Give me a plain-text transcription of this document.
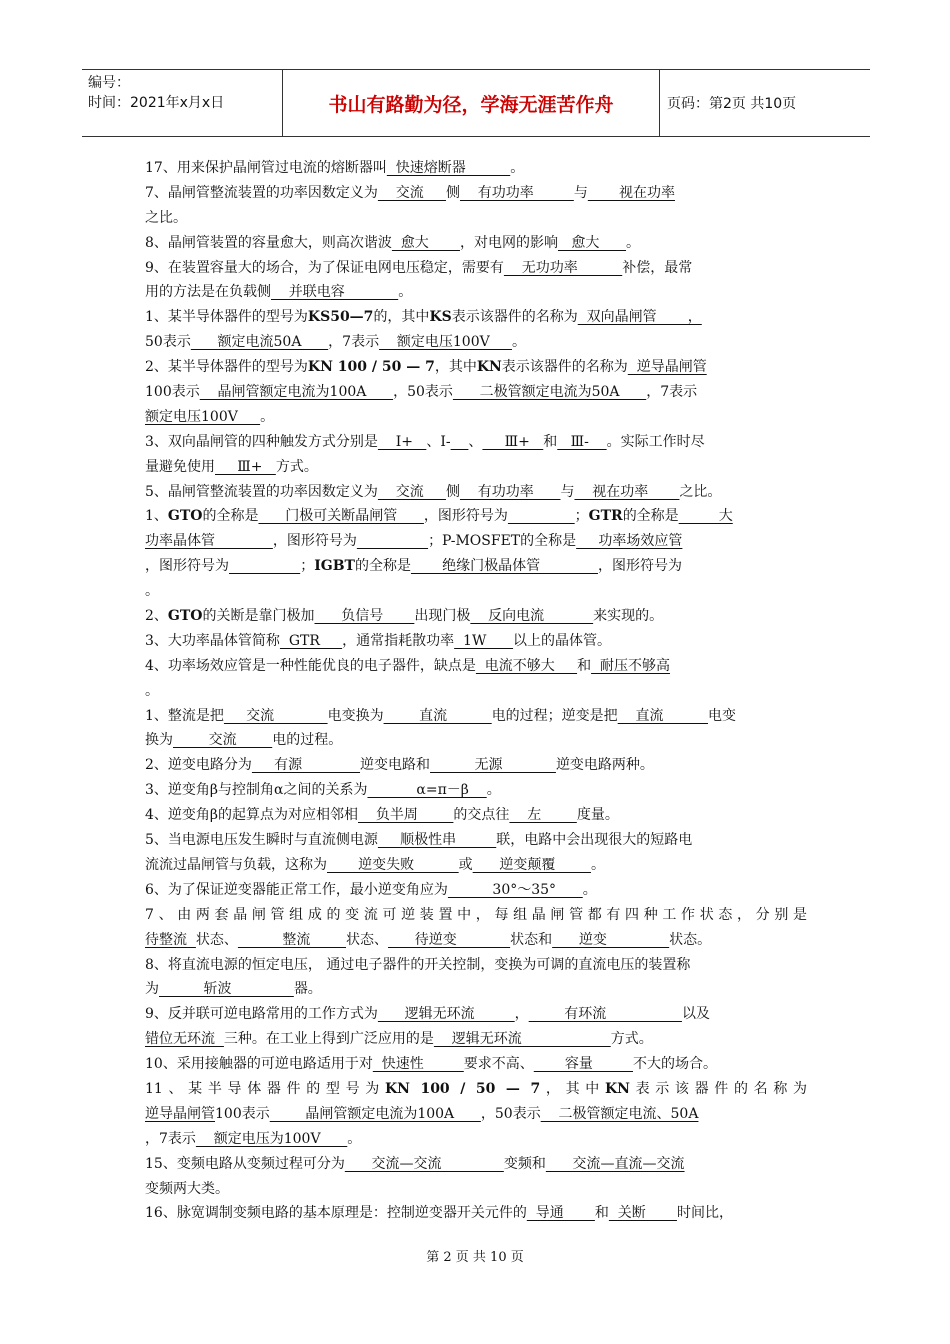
编号：
时间：2021年x月x日	书山有路勤为径，学海无涯苦作舟	页码：第2页 共10页
17、用来保护晶闸管过电流的熔断器叫  快速熔断器          。
7、晶闸管整流装置的功率因数定义为    交流     侧    有功功率         与       视在功率
之比。
8、晶闸管装置的容量愈大，则高次谐波  愈大       ，对电网的影响   愈大      。
9、在装置容量大的场合，为了保证电网电压稳定，需要有    无功功率          补偿，最常
用的方法是在负载侧    并联电容            。
1、某半导体器件的型号为KS50—7的，其中KS表示该器件的名称为  双向晶闸管       ，
50表示      额定电流50A      ，7表示    额定电压100V     。
2、某半导体器件的型号为KN 100 / 50 — 7，其中KN表示该器件的名称为  逆导晶闸管
100表示    晶闸管额定电流为100A      ，50表示      二极管额定电流为50A      ，7表示
额定电压100V     。
3、双向晶闸管的四种触发方式分别是    Ⅰ+   、Ⅰ- 、     Ⅲ+   和   Ⅲ-    。实际工作时尽
量避免使用     Ⅲ+   方式。
5、晶闸管整流装置的功率因数定义为    交流     侧    有功功率      与    视在功率       之比。
1、GTO的全称是      门极可关断晶闸管      ，图形符号为	；GTR的全称是         大
功率晶体管             ，图形符号为	；P-MOSFET的全称是     功率场效应管
，图形符号为	；IGBT的全称是       绝缘门极晶体管             ，图形符号为
。
2、GTO的关断是靠门极加      负信号       出现门极    反向电流           来实现的。
3、大功率晶体管简称  GTR     ，通常指耗散功率  1W      以上的晶体管。
4、功率场效应管是一种性能优良的电子器件，缺点是  电流不够大     和  耐压不够高
。
1、整流是把     交流            电变换为        直流          电的过程；逆变是把    直流          电变
换为        交流        电的过程。
2、逆变电路分为     有源             逆变电路和          无源            逆变电路两种。
3、逆变角β与控制角α之间的关系为           α=π－β    。
4、逆变角β的起算点为对应相邻相    负半周        的交点往    左        度量。
5、当电源电压发生瞬时与直流侧电源     顺极性串         联，电路中会出现很大的短路电
流流过晶闸管与负载，这称为       逆变失败          或      逆变颠覆        。
6、为了保证逆变器能正常工作，最小逆变角应为          30°～35°      。
7、由两套晶闸管组成的变流可逆装置中，每组晶闸管都有四种工作状态，分别是
待整流  状态、          整流        状态、      待逆变            状态和      逆变              状态。
8、将直流电源的恒定电压， 通过电子器件的开关控制，变换为可调的直流电压的装置称
为          斩波              器。
9、反并联可逆电路常用的工作方式为      逻辑无环流         ，        有环流                 以及
错位无环流  三种。在工业上得到广泛应用的是    逻辑无环流                    方式。
10、采用接触器的可逆电路适用于对  快速性         要求不高、       容量         不大的场合。
11、某半导体器件的型号为KN 100 / 50 — 7，其中KN表示该器件的名称为
逆导晶闸管100表示        晶闸管额定电流为100A      ，50表示    二极管额定电流、50A
，7表示    额定电压为100V      。
15、变频电路从变频过程可分为      交流—交流              变频和      交流—直流—交流
变频两大类。
16、脉宽调制变频电路的基本原理是：控制逆变器开关元件的  导通       和  关断       时间比，
第 2 页 共 10 页
